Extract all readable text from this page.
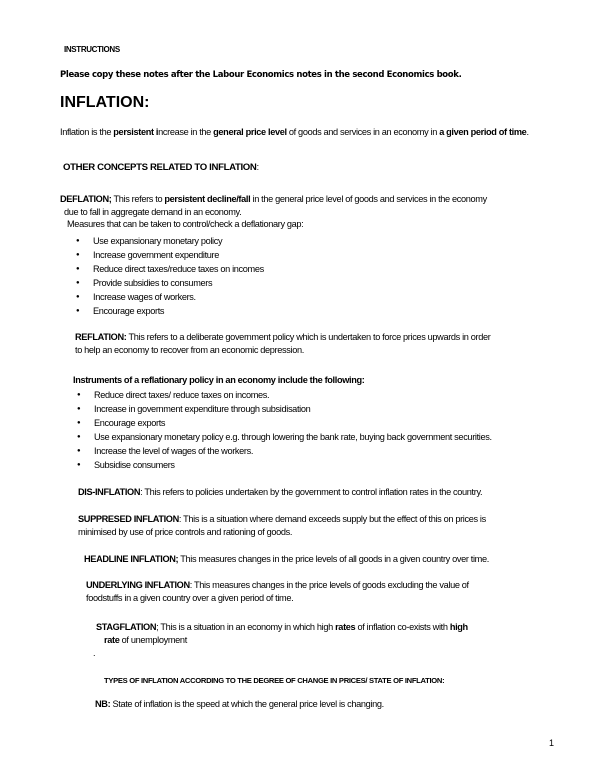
INSTRUCTIONS
Please copy these notes after the Labour Economics notes in the second Economics book.
INFLATION:
Inflation is the persistent increase in the general price level of goods and services in an economy in a given period of time.
OTHER CONCEPTS RELATED TO INFLATION:
DEFLATION; This refers to persistent decline/fall in the general price level of goods and services in the economy
due to fall in aggregate demand in an economy.
Measures that can be taken to control/check a deflationary gap:
● Use expansionary monetary policy
● Increase government expenditure
● Reduce direct taxes/reduce taxes on incomes
● Provide subsidies to consumers
● Increase wages of workers.
● Encourage exports
REFLATION: This refers to a deliberate government policy which is undertaken to force prices upwards in order
to help an economy to recover from an economic depression.
Instruments of a reflationary policy in an economy include the following:
● Reduce direct taxes/ reduce taxes on incomes.
● Increase in government expenditure through subsidisation
● Encourage exports
● Use expansionary monetary policy e.g. through lowering the bank rate, buying back government securities.
● Increase the level of wages of the workers.
● Subsidise consumers
DIS-INFLATION: This refers to policies undertaken by the government to control inflation rates in the country.
SUPPRESED INFLATION: This is a situation where demand exceeds supply but the effect of this on prices is
minimised by use of price controls and rationing of goods.
HEADLINE INFLATION; This measures changes in the price levels of all goods in a given country over time.
UNDERLYING INFLATION: This measures changes in the price levels of goods excluding the value of
foodstuffs in a given country over a given period of time.
STAGFLATION; This is a situation in an economy in which high rates of inflation co-exists with high
rate of unemployment
.
TYPES OF INFLATION ACCORDING TO THE DEGREE OF CHANGE IN PRICES/ STATE OF INFLATION:
NB: State of inflation is the speed at which the general price level is changing.
1
